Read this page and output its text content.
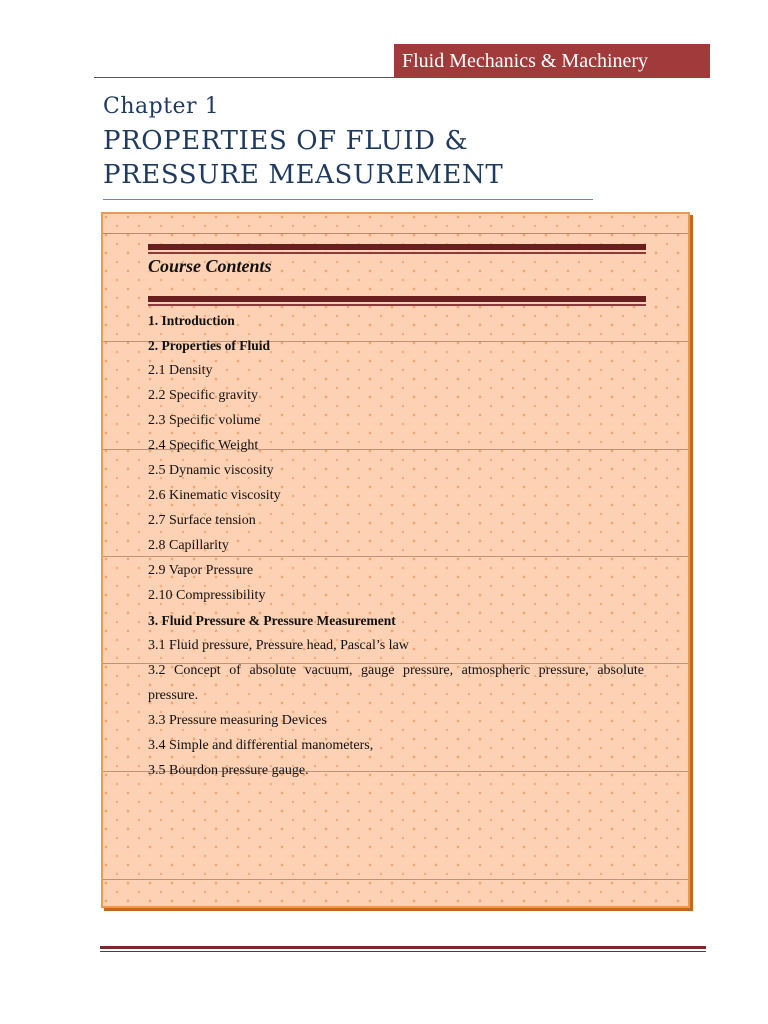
Fluid Mechanics & Machinery
Chapter 1
PROPERTIES OF FLUID & PRESSURE MEASUREMENT
Course Contents
1. Introduction
2. Properties of Fluid
2.1 Density
2.2 Specific gravity
2.3 Specific volume
2.4 Specific Weight
2.5 Dynamic viscosity
2.6 Kinematic viscosity
2.7 Surface tension
2.8 Capillarity
2.9 Vapor Pressure
2.10 Compressibility
3. Fluid Pressure & Pressure Measurement
3.1 Fluid pressure, Pressure head, Pascal’s law
3.2 Concept of absolute vacuum, gauge pressure, atmospheric pressure, absolute pressure.
3.3 Pressure measuring Devices
3.4 Simple and differential manometers,
3.5 Bourdon pressure gauge.
